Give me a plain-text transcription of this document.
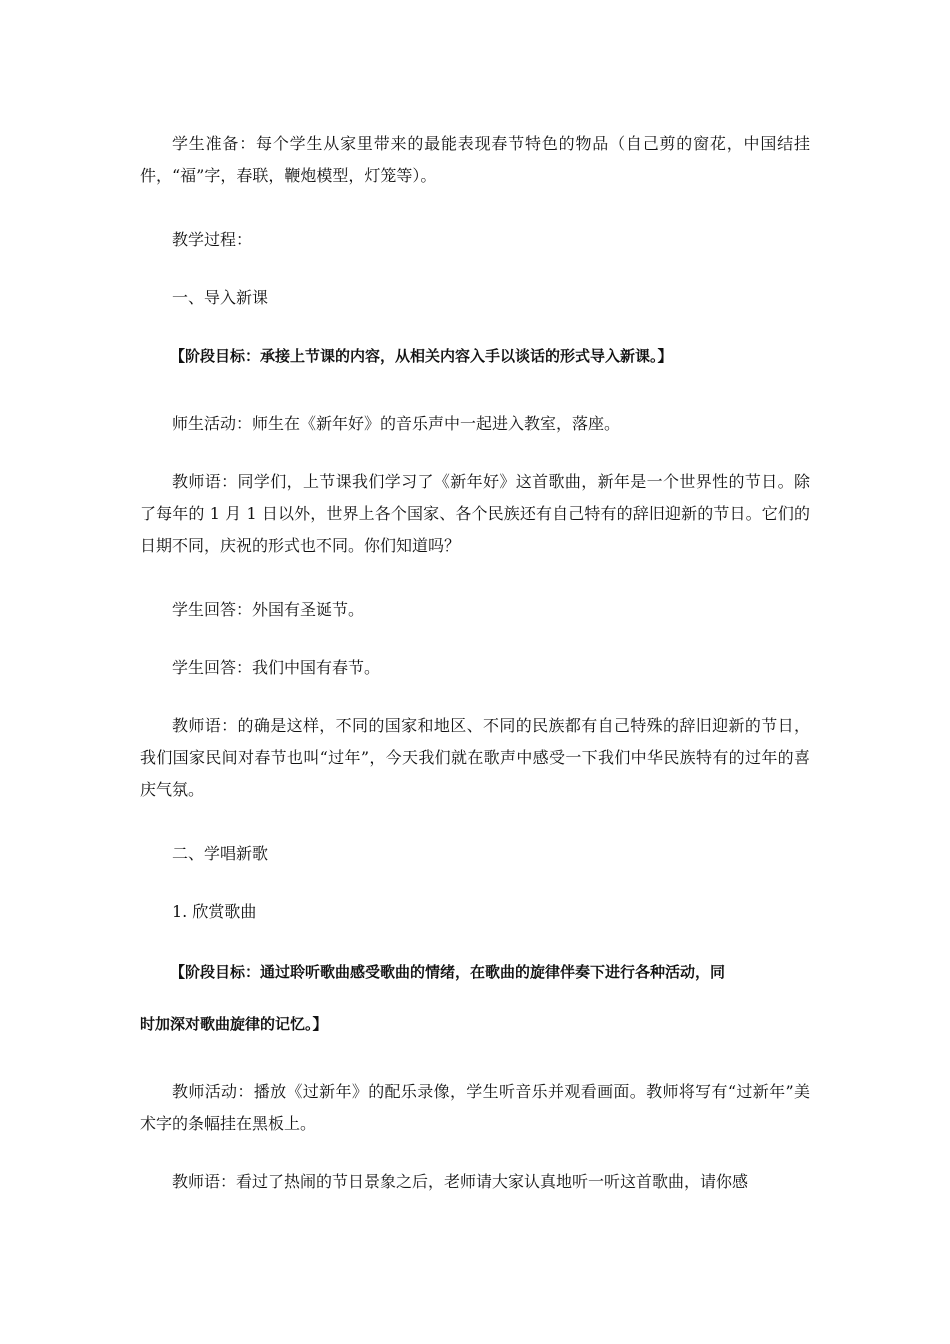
学生准备：每个学生从家里带来的最能表现春节特色的物品（自己剪的窗花，中国结挂件，“福”字，春联，鞭炮模型，灯笼等）。

教学过程：

一、导入新课

【阶段目标：承接上节课的内容，从相关内容入手以谈话的形式导入新课。】

师生活动：师生在《新年好》的音乐声中一起进入教室，落座。

教师语：同学们，上节课我们学习了《新年好》这首歌曲，新年是一个世界性的节日。除了每年的 1 月 1 日以外，世界上各个国家、各个民族还有自己特有的辞旧迎新的节日。它们的日期不同，庆祝的形式也不同。你们知道吗？

学生回答：外国有圣诞节。

学生回答：我们中国有春节。

教师语：的确是这样，不同的国家和地区、不同的民族都有自己特殊的辞旧迎新的节日，我们国家民间对春节也叫“过年”，今天我们就在歌声中感受一下我们中华民族特有的过年的喜庆气氛。

二、学唱新歌

1. 欣赏歌曲

【阶段目标：通过聆听歌曲感受歌曲的情绪，在歌曲的旋律伴奏下进行各种活动，同

时加深对歌曲旋律的记忆。】

教师活动：播放《过新年》的配乐录像，学生听音乐并观看画面。教师将写有“过新年”美术字的条幅挂在黑板上。

教师语：看过了热闹的节日景象之后，老师请大家认真地听一听这首歌曲，请你感
